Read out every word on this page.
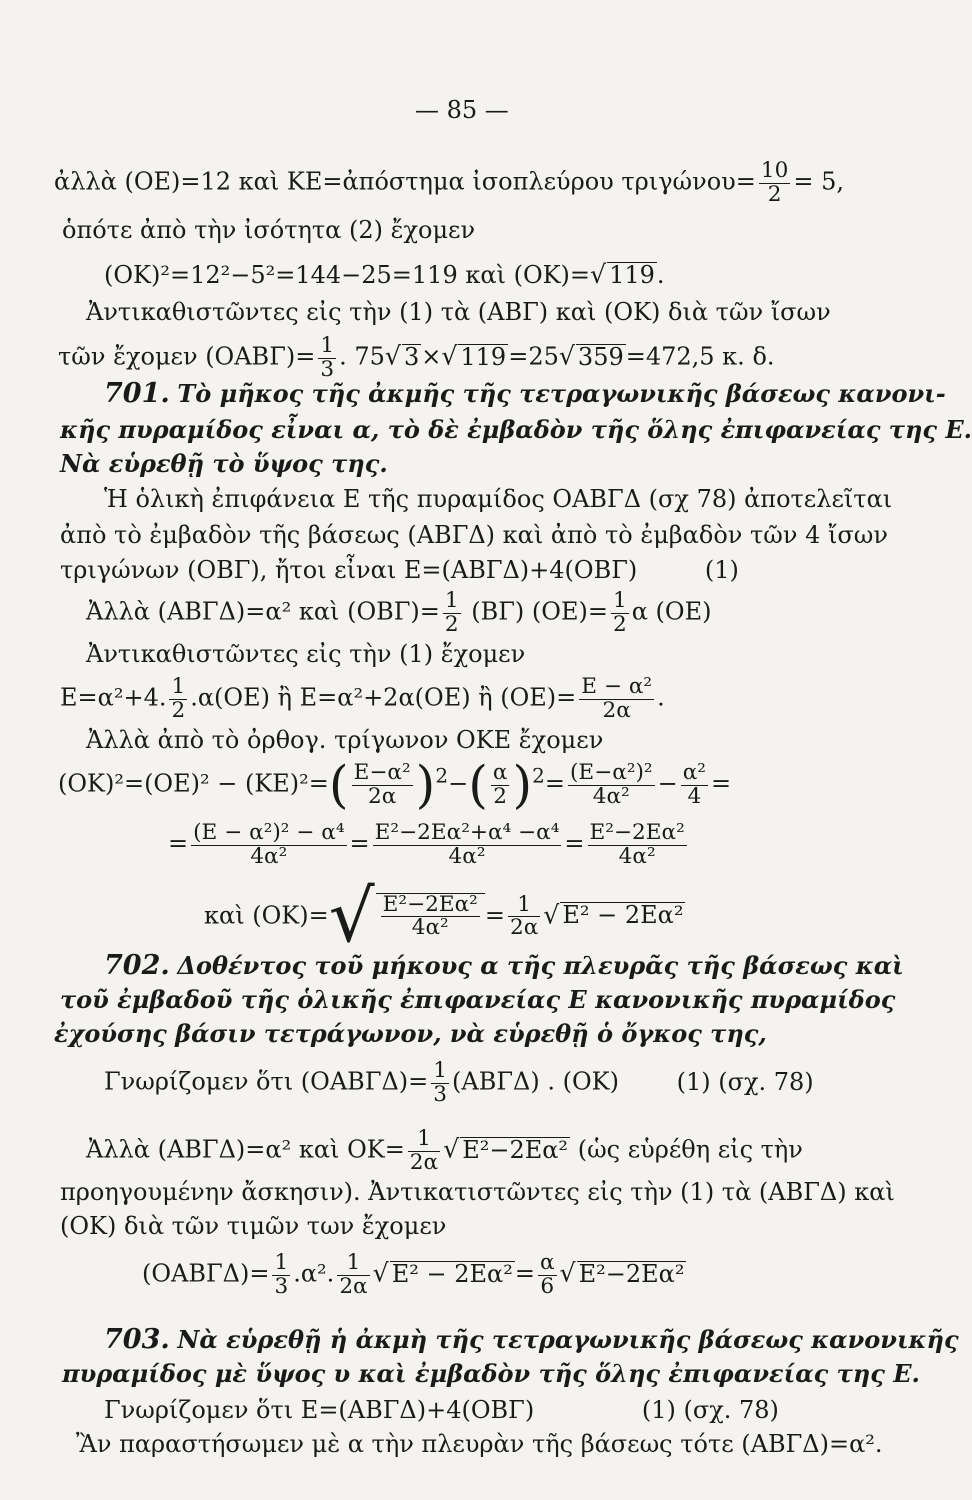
— 85 —
ἀλλὰ (ΟΕ)=12 καὶ ΚΕ=ἀπόστημα ἰσοπλεύρου $\tau\rho\iota\gamma ώ\nu o\upsilon= \frac{10}{2} = 5$,
ὁπότε ἀπὸ τὴν ἰσότητα (2) ἔχομεν
(ΟΚ)²=12²−5²=144−25=119 καὶ (ΟΚ)=√ 119.
Ἀντικαθιστῶντες εἰς τὴν (1) τὰ (ΑΒΓ) καὶ (ΟΚ) διὰ τῶν ἴσων
τῶν ἔχομεν $(OAB\Gamma)= \frac{1}{3}$ . 75√ 3×√ 119=25√ 359=472,5 κ. δ.
701. Τὸ μῆκος τῆς ἀκμῆς τῆς τετραγωνικῆς βάσεως κανονι-
κῆς πυραμίδος εἶναι α, τὸ δὲ ἐμβαδὸν τῆς ὅλης ἐπιφανείας της Ε.
Νὰ εὑρεθῇ τὸ ὕψος της.
Ἡ ὁλικὴ ἐπιφάνεια Ε τῆς πυραμίδος ΟΑΒΓΔ (σχ 78) ἀποτελεῖται
ἀπὸ τὸ ἐμβαδὸν τῆς βάσεως (ΑΒΓΔ) καὶ ἀπὸ τὸ ἐμβαδὸν τῶν 4 ἴσων
τριγώνων (ΟΒΓ), ἤτοι εἶναι Ε=(ΑΒΓΔ)+4(ΟΒΓ)	(1)
Ἀλλὰ (ΑΒΓΔ)=α² καὶ $(OB\Gamma)= \frac{1}{2} (B\Gamma)$ $(OE)= \frac{1}{2}$ α (ΟΕ)
Ἀντικαθιστῶντες εἰς τὴν (1) ἔχομεν
Ε=α²+4. $\frac{1}{2} .\alpha(OE)$ ἢ Ε=α²+2α(ΟΕ) ἢ $(OE)= \frac{\text{Ε − α²}}{2\alpha}$ .
Ἀλλὰ ἀπὸ τὸ ὀρθογ. τρίγωνον ΟΚΕ ἔχομεν
$(OK)^2=(OE)^2 - (KE)^2=( \frac{\text{Ε−α²}}{2\alpha} )^2-( \frac{\alpha}{2} )^2= \frac{\text{(Ε−α²)²}}{\text{4α²}} - \frac{\text{α²}}{4}$ =
= $\frac{\text{(Ε − α²)² − α⁴}}{\text{4α²}} = \frac{\text{Ε²−2Εα²+α⁴ −α⁴}}{\text{4α²}} = \frac{\text{Ε²−2Εα²}}{\text{4α²}}$
καὶ $(OK)=√ \frac{\text{Ε²−2Εα²}}{\text{4α²}} = \frac{1}{2\alpha}$ √ Ε² − 2Εα²
702. Δοθέντος τοῦ μήκους α τῆς πλευρᾶς τῆς βάσεως καὶ
τοῦ ἐμβαδοῦ τῆς ὁλικῆς ἐπιφανείας Ε κανονικῆς πυραμίδος
ἐχούσης βάσιν τετράγωνον, νὰ εὑρεθῇ ὁ ὄγκος της,
Γνωρίζομεν ὅτι $(OAB\Gamma\Delta)= \frac{1}{3} (AB\Gamma\Delta)$ . (ΟΚ) (1) (σχ. 78)
Ἀλλὰ (ΑΒΓΔ)=α² καὶ $OK= \frac{1}{2\alpha}$ √ Ε²−2Εα² (ὡς εὑρέθη εἰς τὴν
προηγουμένην ἄσκησιν). Ἀντικατιστῶντες εἰς τὴν (1) τὰ (ΑΒΓΔ) καὶ
(ΟΚ) διὰ τῶν τιμῶν των ἔχομεν
$(OAB\Gamma\Delta)= \frac{1}{3} .\alpha^2$. $\frac{1}{2\alpha}$ √ $E^2 - 2E\alpha^2= \frac{\alpha}{6}$ √ Ε²−2Εα²
703. Νὰ εὑρεθῇ ἡ ἀκμὴ τῆς τετραγωνικῆς βάσεως κανονικῆς
πυραμίδος μὲ ὕψος υ καὶ ἐμβαδὸν τῆς ὅλης ἐπιφανείας της Ε.
Γνωρίζομεν ὅτι Ε=(ΑΒΓΔ)+4(ΟΒΓ)	(1) (σχ. 78)
Ἂν παραστήσωμεν μὲ α τὴν πλευρὰν τῆς βάσεως τότε (ΑΒΓΔ)=α².
